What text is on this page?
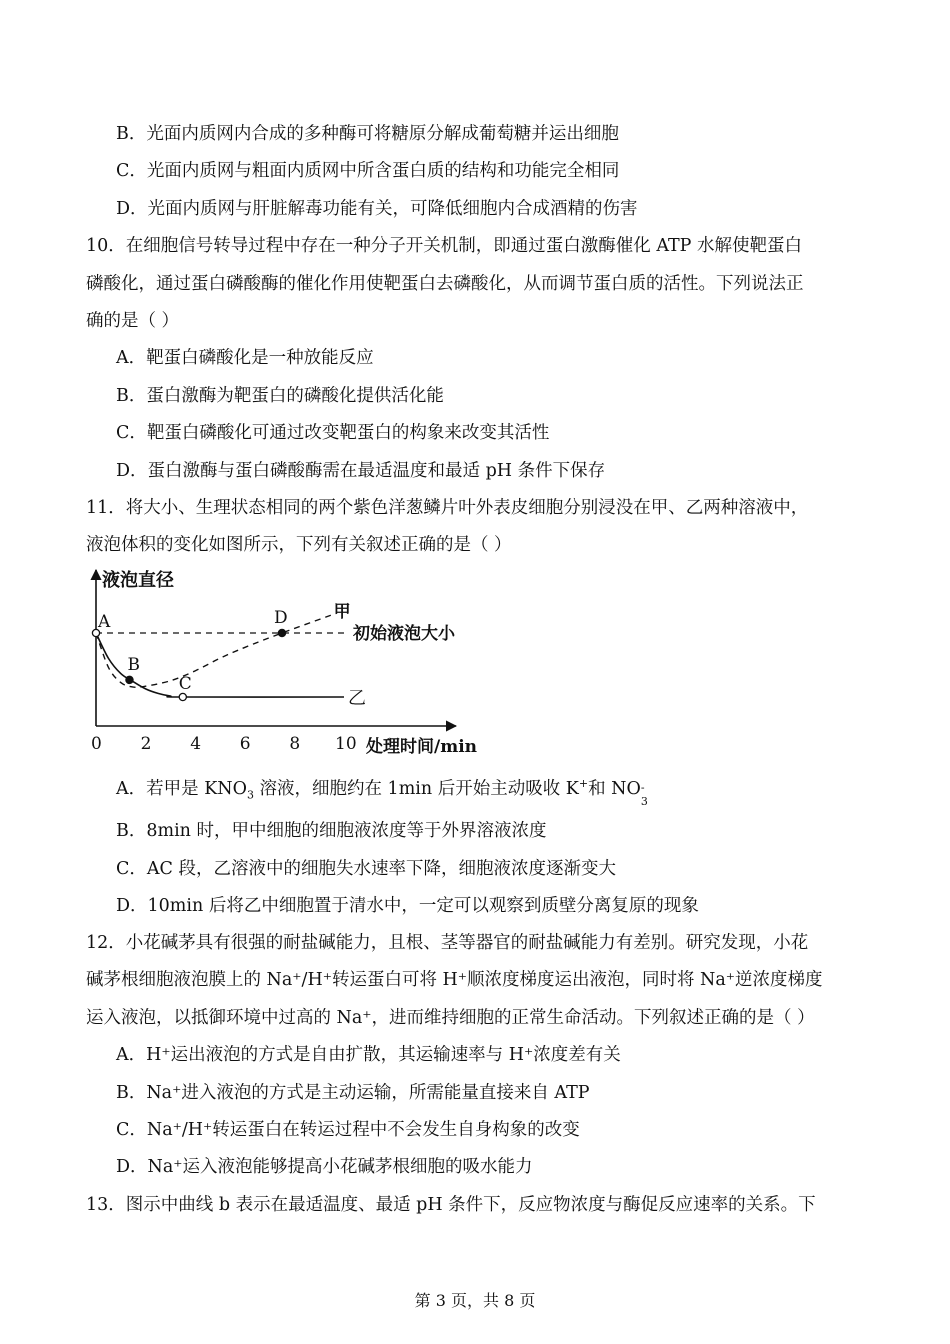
B．光面内质网内合成的多种酶可将糖原分解成葡萄糖并运出细胞
C．光面内质网与粗面内质网中所含蛋白质的结构和功能完全相同
D．光面内质网与肝脏解毒功能有关，可降低细胞内合成酒精的伤害
10．在细胞信号转导过程中存在一种分子开关机制，即通过蛋白激酶催化 ATP 水解使靶蛋白
磷酸化，通过蛋白磷酸酶的催化作用使靶蛋白去磷酸化，从而调节蛋白质的活性。下列说法正
确的是（ ）
A．靶蛋白磷酸化是一种放能反应
B．蛋白激酶为靶蛋白的磷酸化提供活化能
C．靶蛋白磷酸化可通过改变靶蛋白的构象来改变其活性
D．蛋白激酶与蛋白磷酸酶需在最适温度和最适 pH 条件下保存
11．将大小、生理状态相同的两个紫色洋葱鳞片叶外表皮细胞分别浸没在甲、乙两种溶液中，
液泡体积的变化如图所示，下列有关叙述正确的是（ ）
液泡直径
处理时间/min
0 2 4 6 8 10
初始液泡大小
甲
乙
A
B
C
D
A．若甲是 $KNO_3$ 溶液，细胞约在 1min 后开始主动吸收 K+和 NO -
3
B．8min 时，甲中细胞的细胞液浓度等于外界溶液浓度
C．AC 段，乙溶液中的细胞失水速率下降，细胞液浓度逐渐变大
D．10min 后将乙中细胞置于清水中，一定可以观察到质壁分离复原的现象
12．小花碱茅具有很强的耐盐碱能力，且根、茎等器官的耐盐碱能力有差别。研究发现，小花
碱茅根细胞液泡膜上的 Na⁺/H⁺转运蛋白可将 H⁺顺浓度梯度运出液泡，同时将 Na⁺逆浓度梯度
运入液泡，以抵御环境中过高的 Na⁺，进而维持细胞的正常生命活动。下列叙述正确的是（ ）
A．H⁺运出液泡的方式是自由扩散，其运输速率与 H⁺浓度差有关
B．Na⁺进入液泡的方式是主动运输，所需能量直接来自 ATP
C．Na⁺/H⁺转运蛋白在转运过程中不会发生自身构象的改变
D．Na⁺运入液泡能够提高小花碱茅根细胞的吸水能力
13．图示中曲线 b 表示在最适温度、最适 pH 条件下，反应物浓度与酶促反应速率的关系。下
第 3 页，共 8 页
